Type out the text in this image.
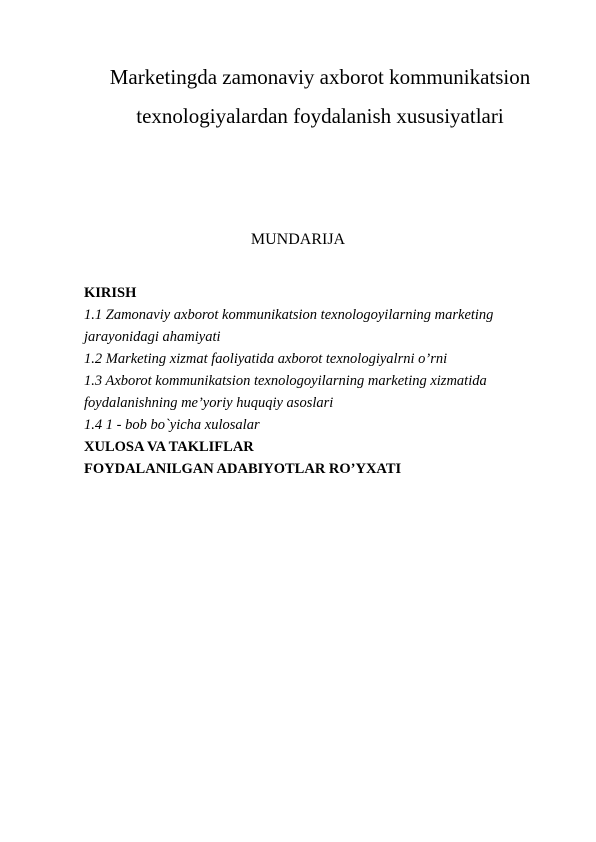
Marketingda zamonaviy axborot kommunikatsion
texnologiyalardan foydalanish xususiyatlari
MUNDARIJA
KIRISH
1.1 Zamonaviy axborot kommunikatsion texnologoyilarning marketing
jarayonidagi ahamiyati
1.2 Marketing xizmat faoliyatida axborot texnologiyalrni o’rni
1.3 Axborot kommunikatsion texnologoyilarning marketing xizmatida
foydalanishning me’yoriy huquqiy asoslari
1.4 1 - bob bo`yicha xulosalar
XULOSA VA TAKLIFLAR
FOYDALANILGAN ADABIYOTLAR RO’YXATI
